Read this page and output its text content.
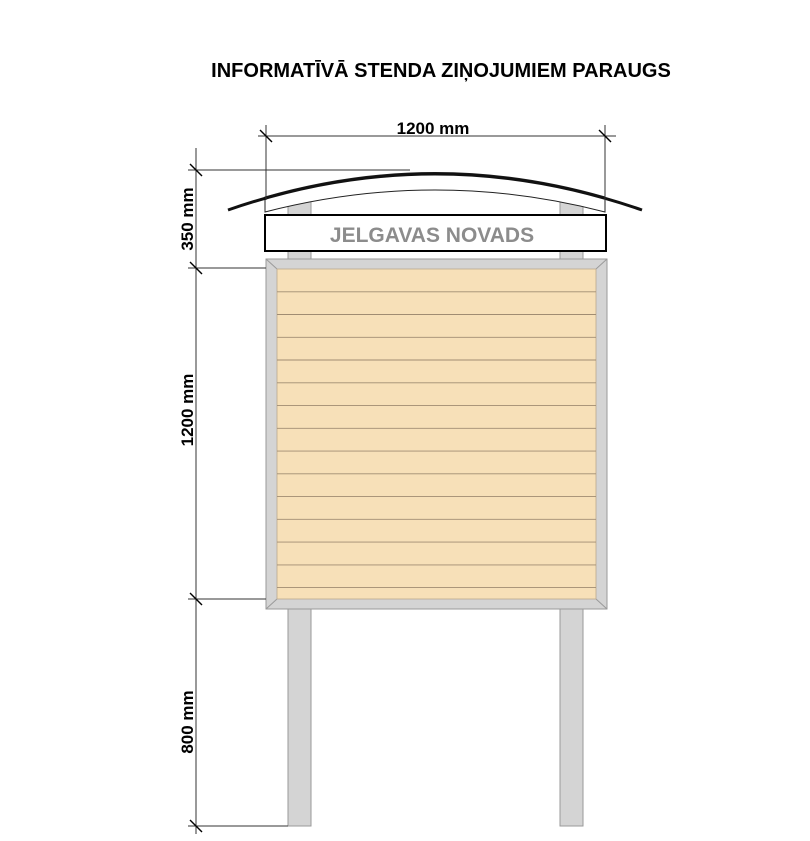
INFORMATĪVĀ STENDA ZIŅOJUMIEM PARAUGS
JELGAVAS NOVADS
1200 mm
350 mm
1200 mm
800 mm
